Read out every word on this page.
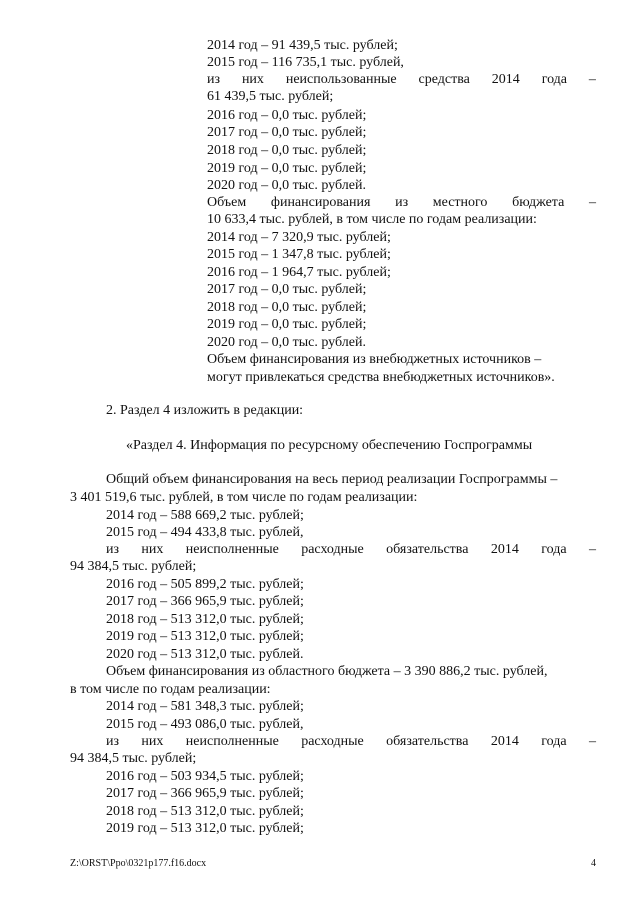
2014 год – 91 439,5 тыс. рублей;
2015 год – 116 735,1 тыс. рублей,
из них неиспользованные средства 2014 года –
61 439,5 тыс. рублей;
2016 год – 0,0 тыс. рублей;
2017 год – 0,0 тыс. рублей;
2018 год – 0,0 тыс. рублей;
2019 год – 0,0 тыс. рублей;
2020 год – 0,0 тыс. рублей.
Объем финансирования из местного бюджета –
10 633,4 тыс. рублей, в том числе по годам реализации:
2014 год – 7 320,9 тыс. рублей;
2015 год – 1 347,8 тыс. рублей;
2016 год – 1 964,7 тыс. рублей;
2017 год – 0,0 тыс. рублей;
2018 год – 0,0 тыс. рублей;
2019 год – 0,0 тыс. рублей;
2020 год – 0,0 тыс. рублей.
Объем финансирования из внебюджетных источников –
могут привлекаться средства внебюджетных источников».
2. Раздел 4 изложить в редакции:
«Раздел 4. Информация по ресурсному обеспечению Госпрограммы
Общий объем финансирования на весь период реализации Госпрограммы –
3 401 519,6 тыс. рублей, в том числе по годам реализации:
2014 год – 588 669,2 тыс. рублей;
2015 год – 494 433,8 тыс. рублей,
из них неисполненные расходные обязательства 2014 года –
94 384,5 тыс. рублей;
2016 год – 505 899,2 тыс. рублей;
2017 год – 366 965,9 тыс. рублей;
2018 год – 513 312,0 тыс. рублей;
2019 год – 513 312,0 тыс. рублей;
2020 год – 513 312,0 тыс. рублей.
Объем финансирования из областного бюджета – 3 390 886,2 тыс. рублей,
в том числе по годам реализации:
2014 год – 581 348,3 тыс. рублей;
2015 год – 493 086,0 тыс. рублей,
из них неисполненные расходные обязательства 2014 года –
94 384,5 тыс. рублей;
2016 год – 503 934,5 тыс. рублей;
2017 год – 366 965,9 тыс. рублей;
2018 год – 513 312,0 тыс. рублей;
2019 год – 513 312,0 тыс. рублей;
Z:\ORST\Ppo\0321p177.f16.docx	4
